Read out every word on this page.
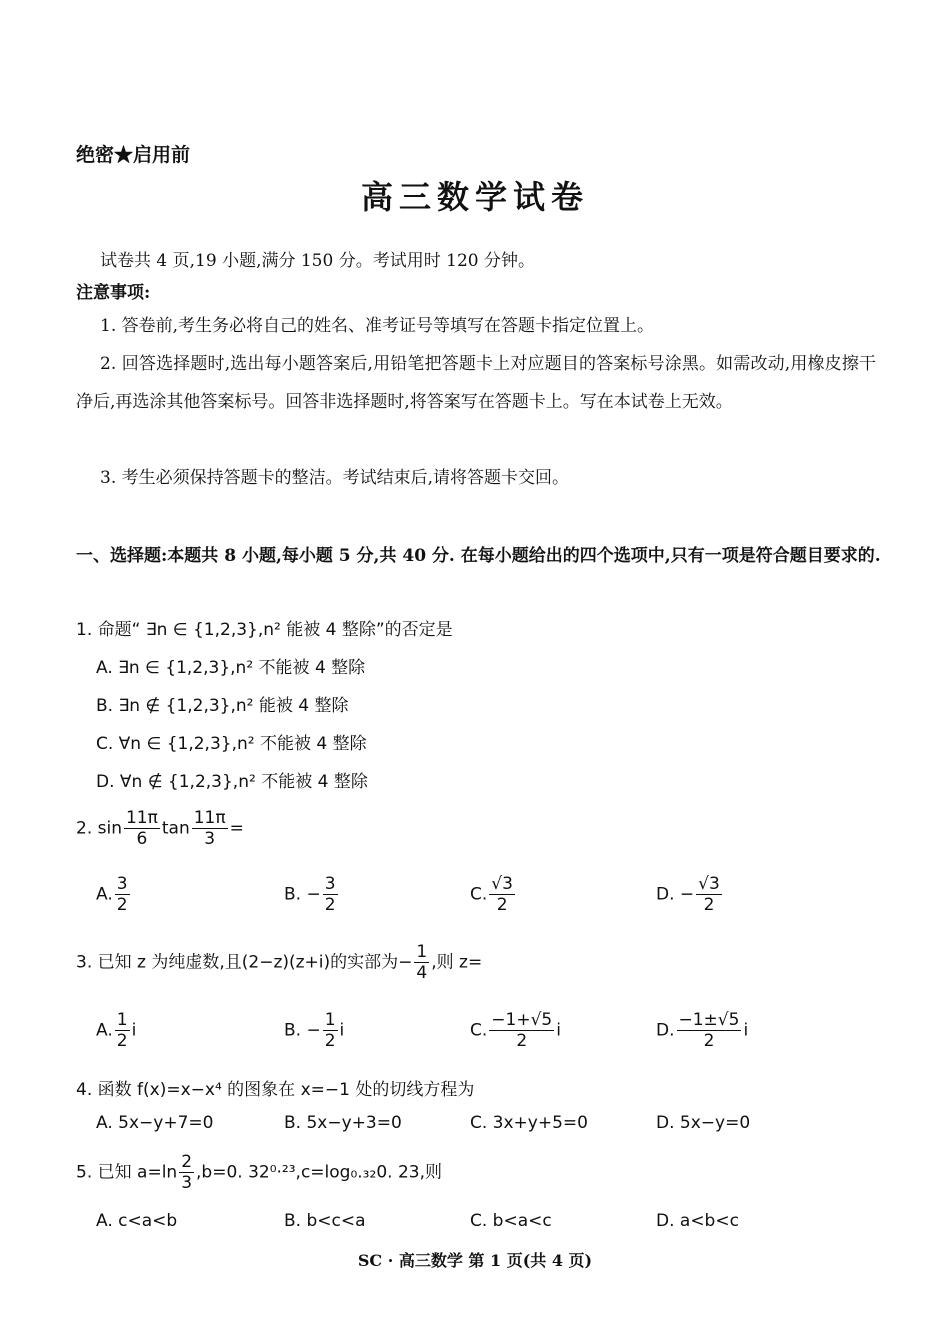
绝密★启用前
高三数学试卷
试卷共 4 页,19 小题,满分 150 分。考试用时 120 分钟。
注意事项:
1. 答卷前,考生务必将自己的姓名、准考证号等填写在答题卡指定位置上。
2. 回答选择题时,选出每小题答案后,用铅笔把答题卡上对应题目的答案标号涂黑。如需改动,用橡皮擦干净后,再选涂其他答案标号。回答非选择题时,将答案写在答题卡上。写在本试卷上无效。
3. 考生必须保持答题卡的整洁。考试结束后,请将答题卡交回。
一、选择题:本题共 8 小题,每小题 5 分,共 40 分. 在每小题给出的四个选项中,只有一项是符合题目要求的.
1. 命题“ ∃n ∈ {1,2,3},n² 能被 4 整除”的否定是
A. ∃n ∈ {1,2,3},n² 不能被 4 整除
B. ∃n ∉ {1,2,3},n² 能被 4 整除
C. ∀n ∈ {1,2,3},n² 不能被 4 整除
D. ∀n ∉ {1,2,3},n² 不能被 4 整除
2. $\sin \frac{11\pi}{6}$ $\tan \frac{11\pi}{3}$ =
A. $\frac{3}{2}$	B. − $\frac{3}{2}$	C. $\frac{√3}{2}$	D. − $\frac{√3}{2}$
3. 已知 z 为纯虚数,且(2−z)(z+i)的实部为− $\frac{1}{4}$ ,则 z=
A. $\frac{1}{2}$ i	B. − $\frac{1}{2}$ i	C. $\frac{-1+√5}{2}$ i	D. $\frac{-1\pm√5}{2}$ i
4. 函数 f(x)=x−x⁴ 的图象在 x=−1 处的切线方程为
A. 5x−y+7=0	B. 5x−y+3=0	C. 3x+y+5=0	D. 5x−y=0
5. 已知 $a=\ln \frac{2}{3} ,b=0$. 32⁰·²³,c=log₀.₃₂0. 23,则
A. c<a<b	B. b<c<a	C. b<a<c	D. a<b<c
SC · 高三数学 第 1 页(共 4 页)
